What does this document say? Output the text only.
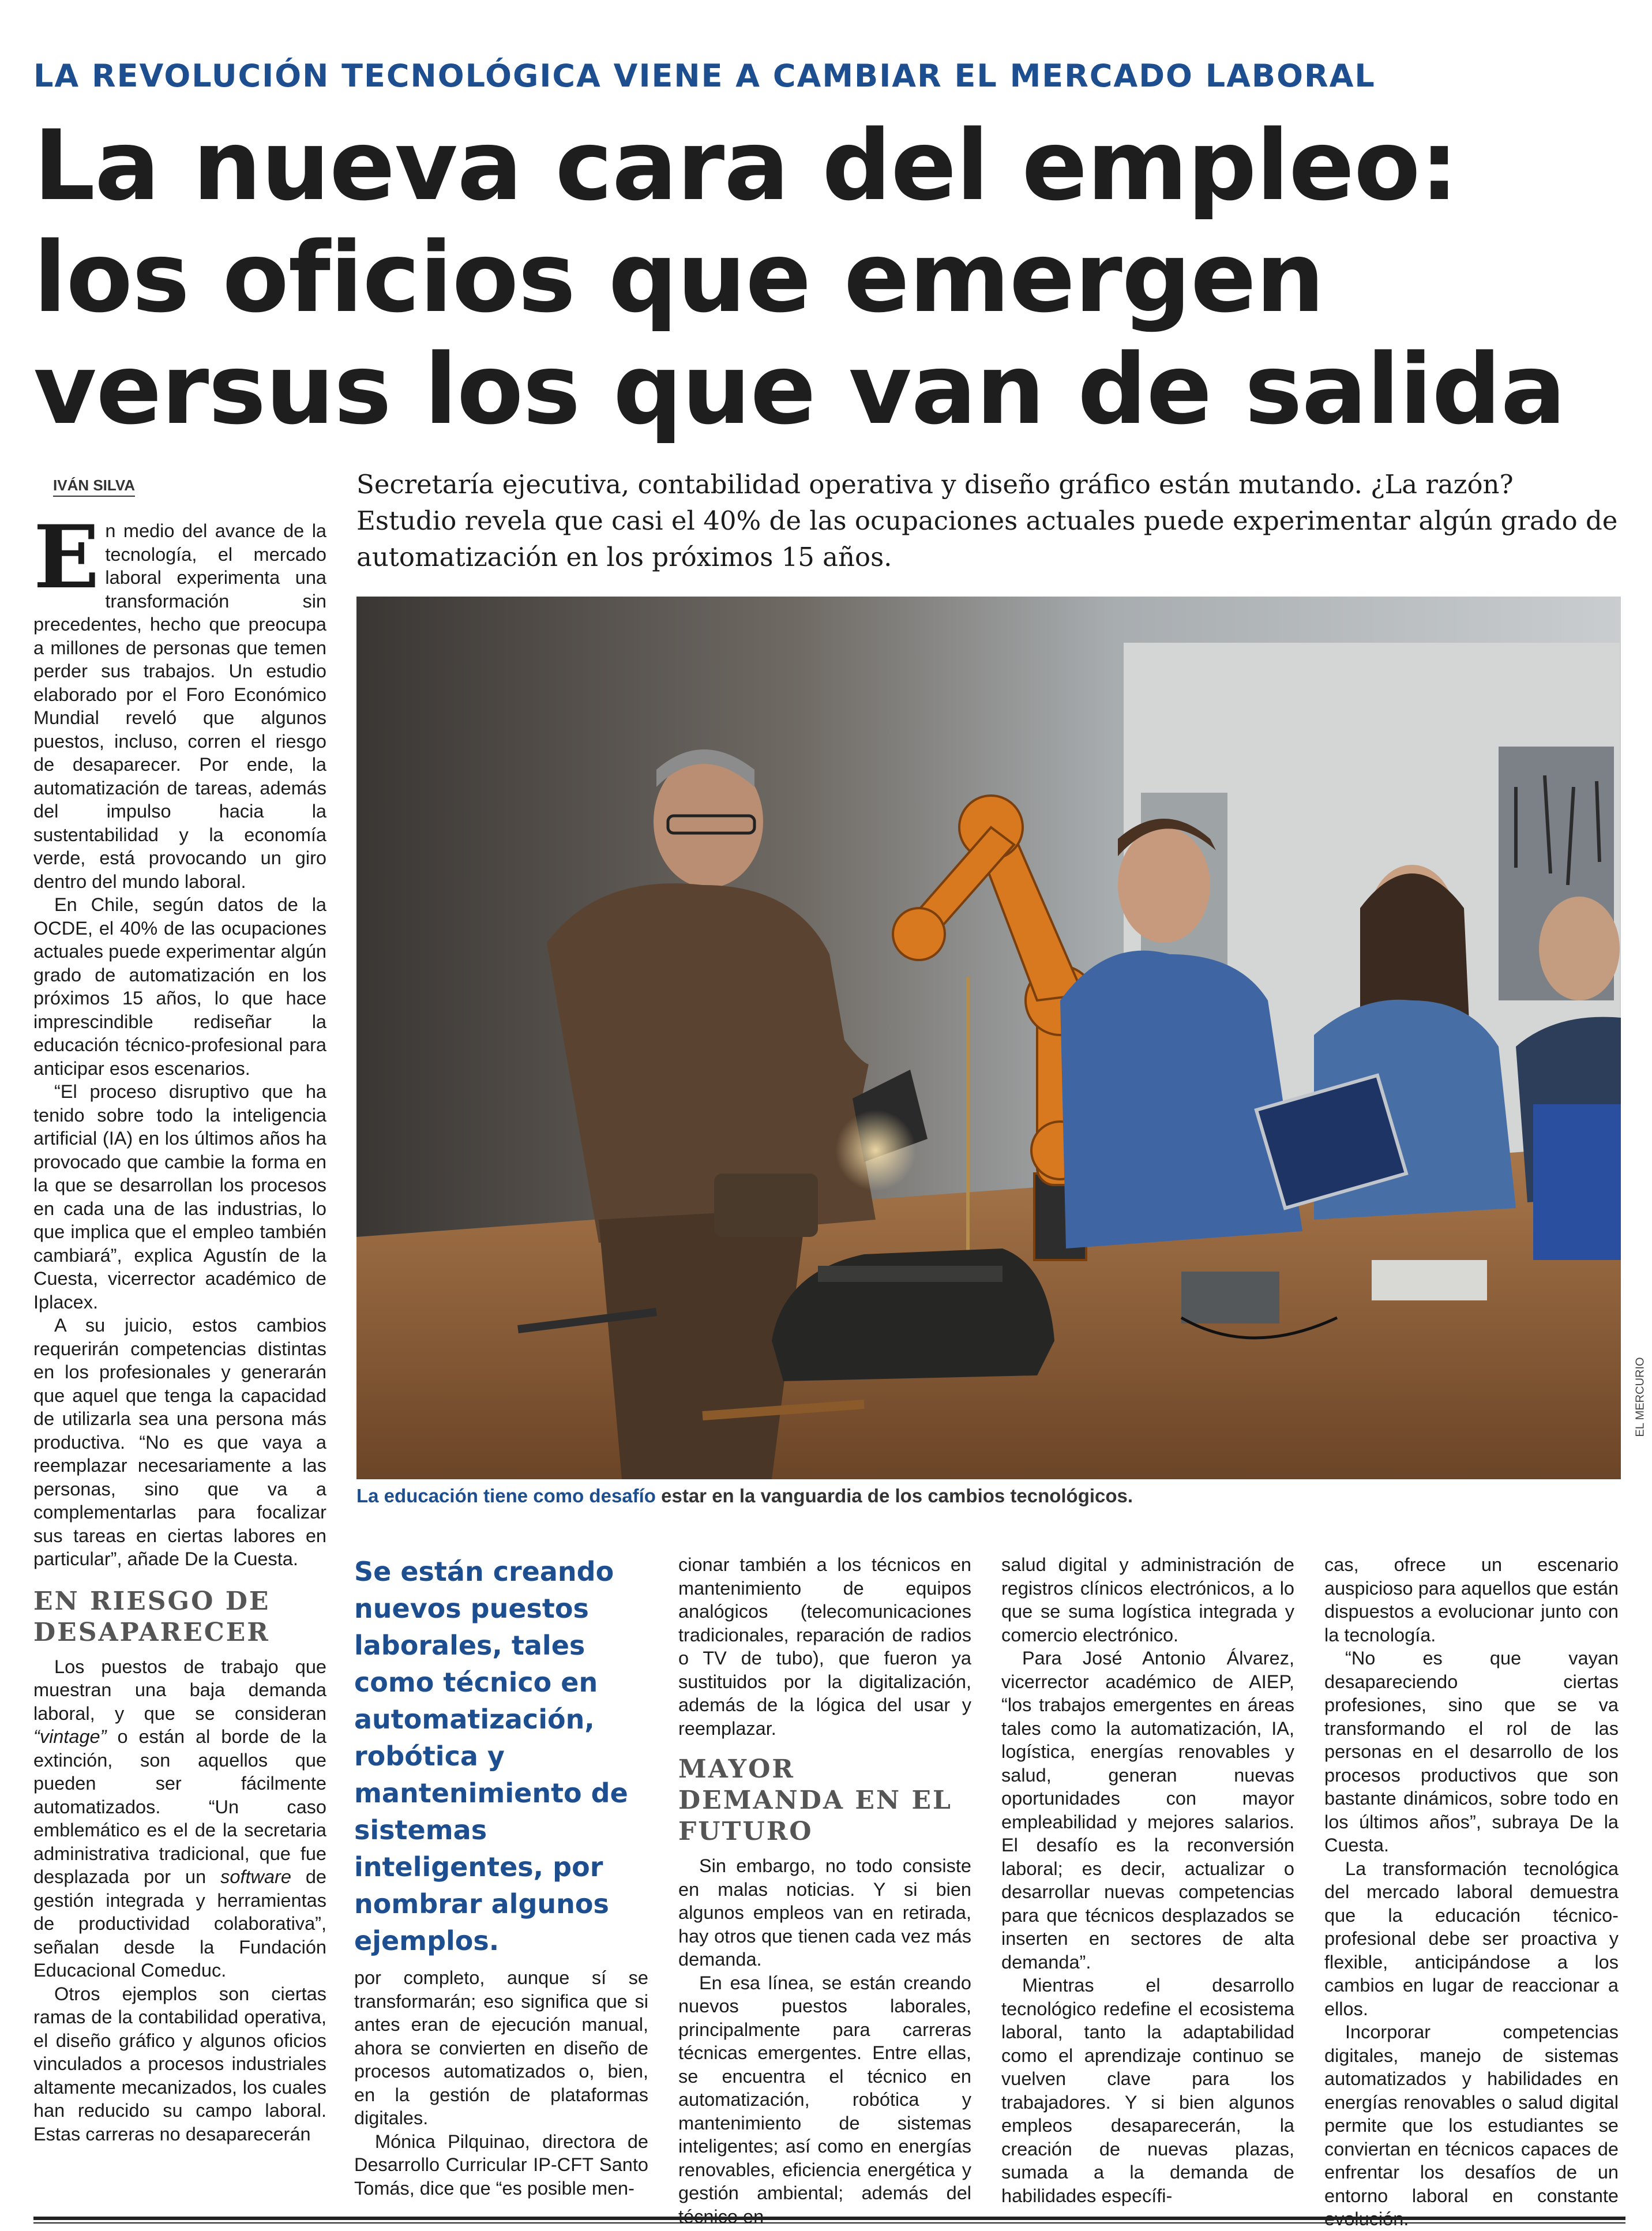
LA REVOLUCIÓN TECNOLÓGICA VIENE A CAMBIAR EL MERCADO LABORAL
La nueva cara del empleo:
los oficios que emergen
versus los que van de salida
IVÁN SILVA	Secretaría ejecutiva, contabilidad operativa y diseño gráfico están mutando. ¿La razón? Estudio revela que casi el 40% de las ocupaciones actuales puede experimentar algún grado de automatización en los próximos 15 años.
EL MERCURIO
La educación tiene como desafío estar en la vanguardia de los cambios tecnológicos.
E n medio del avance de la tecnología, el mercado laboral experimenta una transformación sin precedentes, hecho que preocupa a millones de personas que temen perder sus trabajos. Un estudio elaborado por el Foro Económico Mundial reveló que algunos puestos, incluso, corren el riesgo de desaparecer. Por ende, la automatización de tareas, además del impulso hacia la sustentabilidad y la economía verde, está provocando un giro dentro del mundo laboral.

En Chile, según datos de la OCDE, el 40% de las ocupaciones actuales puede experimentar algún grado de automatización en los próximos 15 años, lo que hace imprescindible rediseñar la educación técnico-profesional para anticipar esos escenarios.

“El proceso disruptivo que ha tenido sobre todo la inteligencia artificial (IA) en los últimos años ha provocado que cambie la forma en la que se desarrollan los procesos en cada una de las industrias, lo que implica que el empleo también cambiará”, explica Agustín de la Cuesta, vicerrector académico de Iplacex.

A su juicio, estos cambios requerirán competencias distintas en los profesionales y generarán que aquel que tenga la capacidad de utilizarla sea una persona más productiva. “No es que vaya a reemplazar necesariamente a las personas, sino que va a complementarlas para focalizar sus tareas en ciertas labores en particular”, añade De la Cuesta.

EN RIESGO DE DESAPARECER

Los puestos de trabajo que muestran una baja demanda laboral, y que se consideran “vintage” o están al borde de la extinción, son aquellos que pueden ser fácilmente automatizados. “Un caso emblemático es el de la secretaria administrativa tradicional, que fue desplazada por un software de gestión integrada y herramientas de productividad colaborativa”, señalan desde la Fundación Educacional Comeduc.

Otros ejemplos son ciertas ramas de la contabilidad operativa, el diseño gráfico y algunos oficios vinculados a procesos industriales altamente mecanizados, los cuales han reducido su campo laboral. Estas carreras no desaparecerán

Se están creando nuevos puestos laborales, tales como técnico en automatización, robótica y mantenimiento de sistemas inteligentes, por nombrar algunos ejemplos.

por completo, aunque sí se transformarán; eso significa que si antes eran de ejecución manual, ahora se convierten en diseño de procesos automatizados o, bien, en la gestión de plataformas digitales.

Mónica Pilquinao, directora de Desarrollo Curricular IP-CFT Santo Tomás, dice que “es posible men-

cionar también a los técnicos en mantenimiento de equipos analógicos (telecomunicaciones tradicionales, reparación de radios o TV de tubo), que fueron ya sustituidos por la digitalización, además de la lógica del usar y reemplazar.

MAYOR DEMANDA EN EL FUTURO

Sin embargo, no todo consiste en malas noticias. Y si bien algunos empleos van en retirada, hay otros que tienen cada vez más demanda.

En esa línea, se están creando nuevos puestos laborales, principalmente para carreras técnicas emergentes. Entre ellas, se encuentra el técnico en automatización, robótica y mantenimiento de sistemas inteligentes; así como en energías renovables, eficiencia energética y gestión ambiental; además del

salud digital y administración de registros clínicos electrónicos, a lo que se suma logística integrada y comercio electrónico.

Para José Antonio Álvarez, vicerrector académico de AIEP, “los trabajos emergentes en áreas tales como la automatización, IA, logística, energías renovables y salud, generan nuevas oportunidades con mayor empleabilidad y mejores salarios. El desafío es la reconversión laboral; es decir, actualizar o desarrollar nuevas competencias para que técnicos desplazados se inserten en sectores de alta demanda”.

Mientras el desarrollo tecnológico redefine el ecosistema laboral, tanto la adaptabilidad como el aprendizaje continuo se vuelven clave para los trabajadores. Y si bien algunos empleos desaparecerán, la creación de nuevas plazas, sumada a la demanda de habilidades específi-

cas, ofrece un escenario auspicioso para aquellos que están dispuestos a evolucionar junto con la tecnología.

“No es que vayan desapareciendo ciertas profesiones, sino que se va transformando el rol de las personas en el desarrollo de los procesos productivos que son bastante dinámicos, sobre todo en los últimos años”, subraya De la Cuesta.

La transformación tecnológica del mercado laboral demuestra que la educación técnico-profesional debe ser proactiva y flexible, anticipándose a los cambios en lugar de reaccionar a ellos.

Incorporar competencias digitales, manejo de sistemas automatizados y habilidades en energías renovables o salud digital permite que los estudiantes se conviertan en técnicos capaces de enfrentar los desafíos de un entorno laboral en constante
